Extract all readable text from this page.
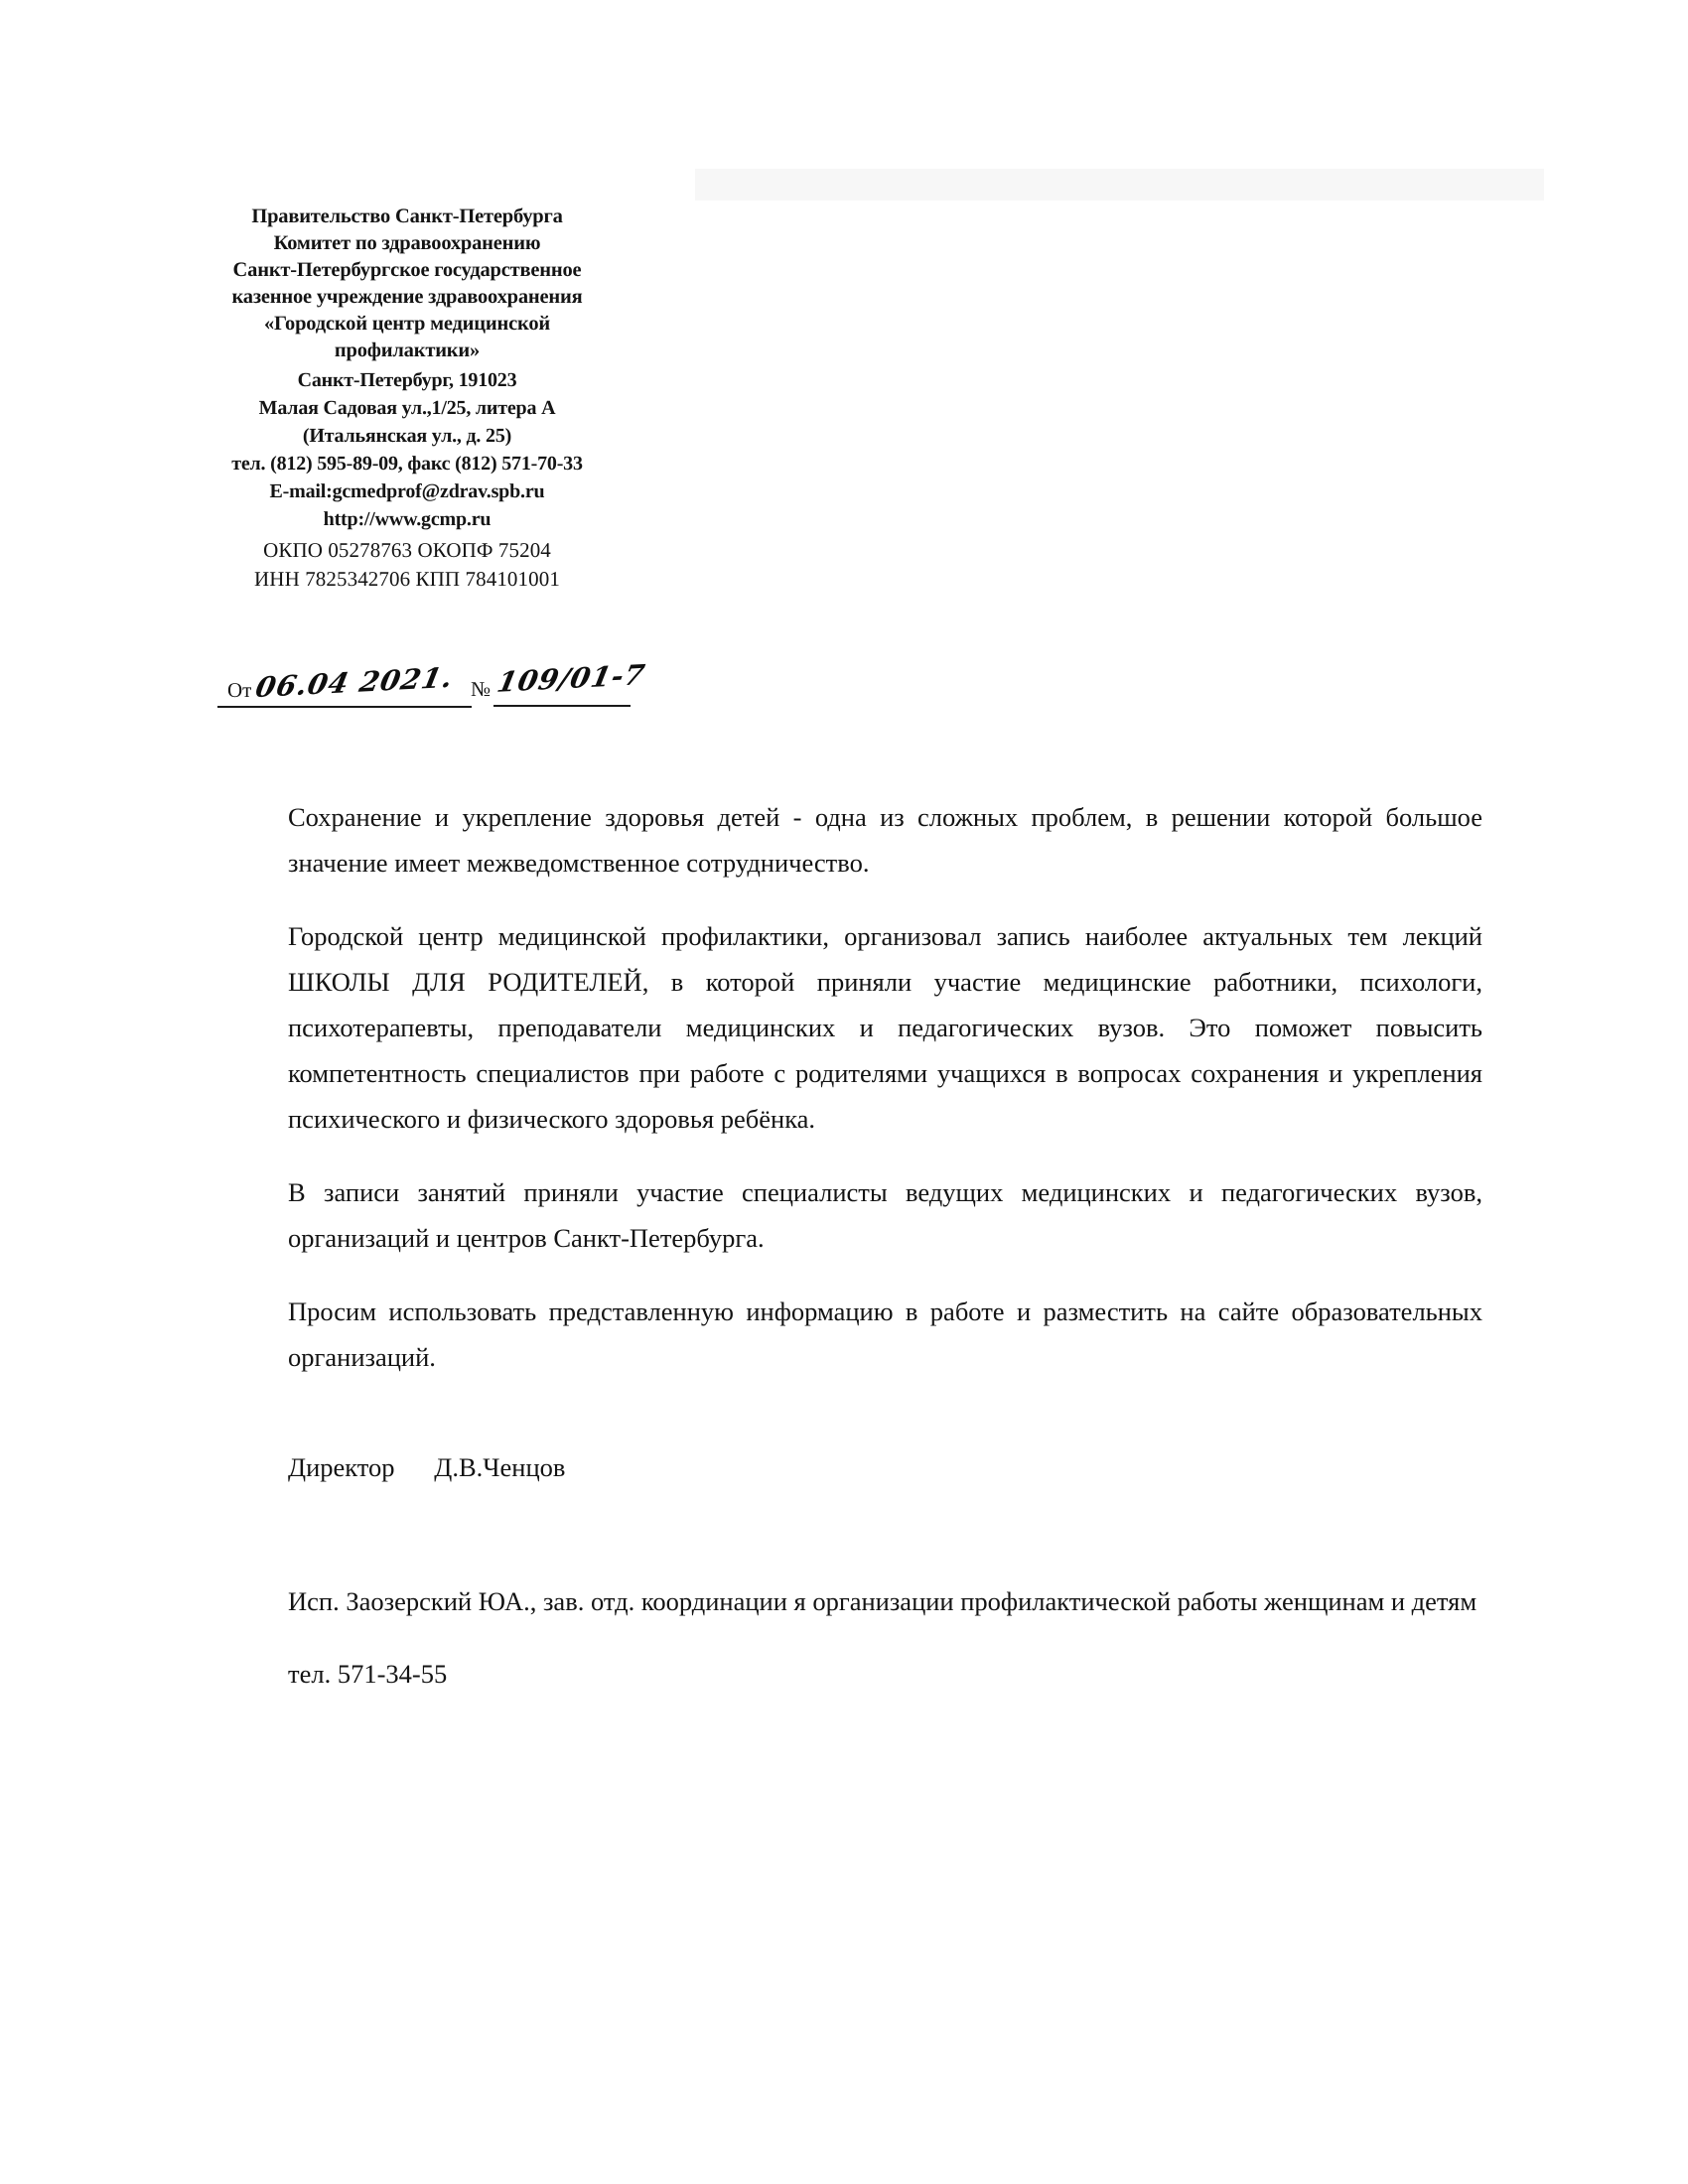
Правительство Санкт-Петербурга
Комитет по здравоохранению
Санкт-Петербургское государственное
казенное учреждение здравоохранения
«Городской центр медицинской
профилактики»
Санкт-Петербург, 191023
Малая Садовая ул.,1/25, литера А
(Итальянская ул., д. 25)
тел. (812) 595-89-09, факс (812) 571-70-33
E-mail:gcmedprof@zdrav.spb.ru
http://www.gcmp.ru
ОКПО 05278763 ОКОПФ 75204
ИНН 7825342706 КПП 784101001
От 06.04 2021. № 109/01-7

Сохранение и укрепление здоровья детей - одна из сложных проблем, в решении которой большое значение имеет межведомственное сотрудничество.

Городской центр медицинской профилактики, организовал запись наиболее актуальных тем лекций ШКОЛЫ ДЛЯ РОДИТЕЛЕЙ, в которой приняли участие медицинские работники, психологи, психотерапевты, преподаватели медицинских и педагогических вузов. Это поможет повысить компетентность специалистов при работе с родителями учащихся в вопросах сохранения и укрепления психического и физического здоровья ребёнка.

В записи занятий приняли участие специалисты ведущих медицинских и педагогических вузов, организаций и центров Санкт-Петербурга.

Просим использовать представленную информацию в работе и разместить на сайте образовательных организаций.

Директор      Д.В.Ченцов

Исп. Заозерский ЮА., зав. отд. координации я организации профилактической работы женщинам и детям

тел. 571-34-55
